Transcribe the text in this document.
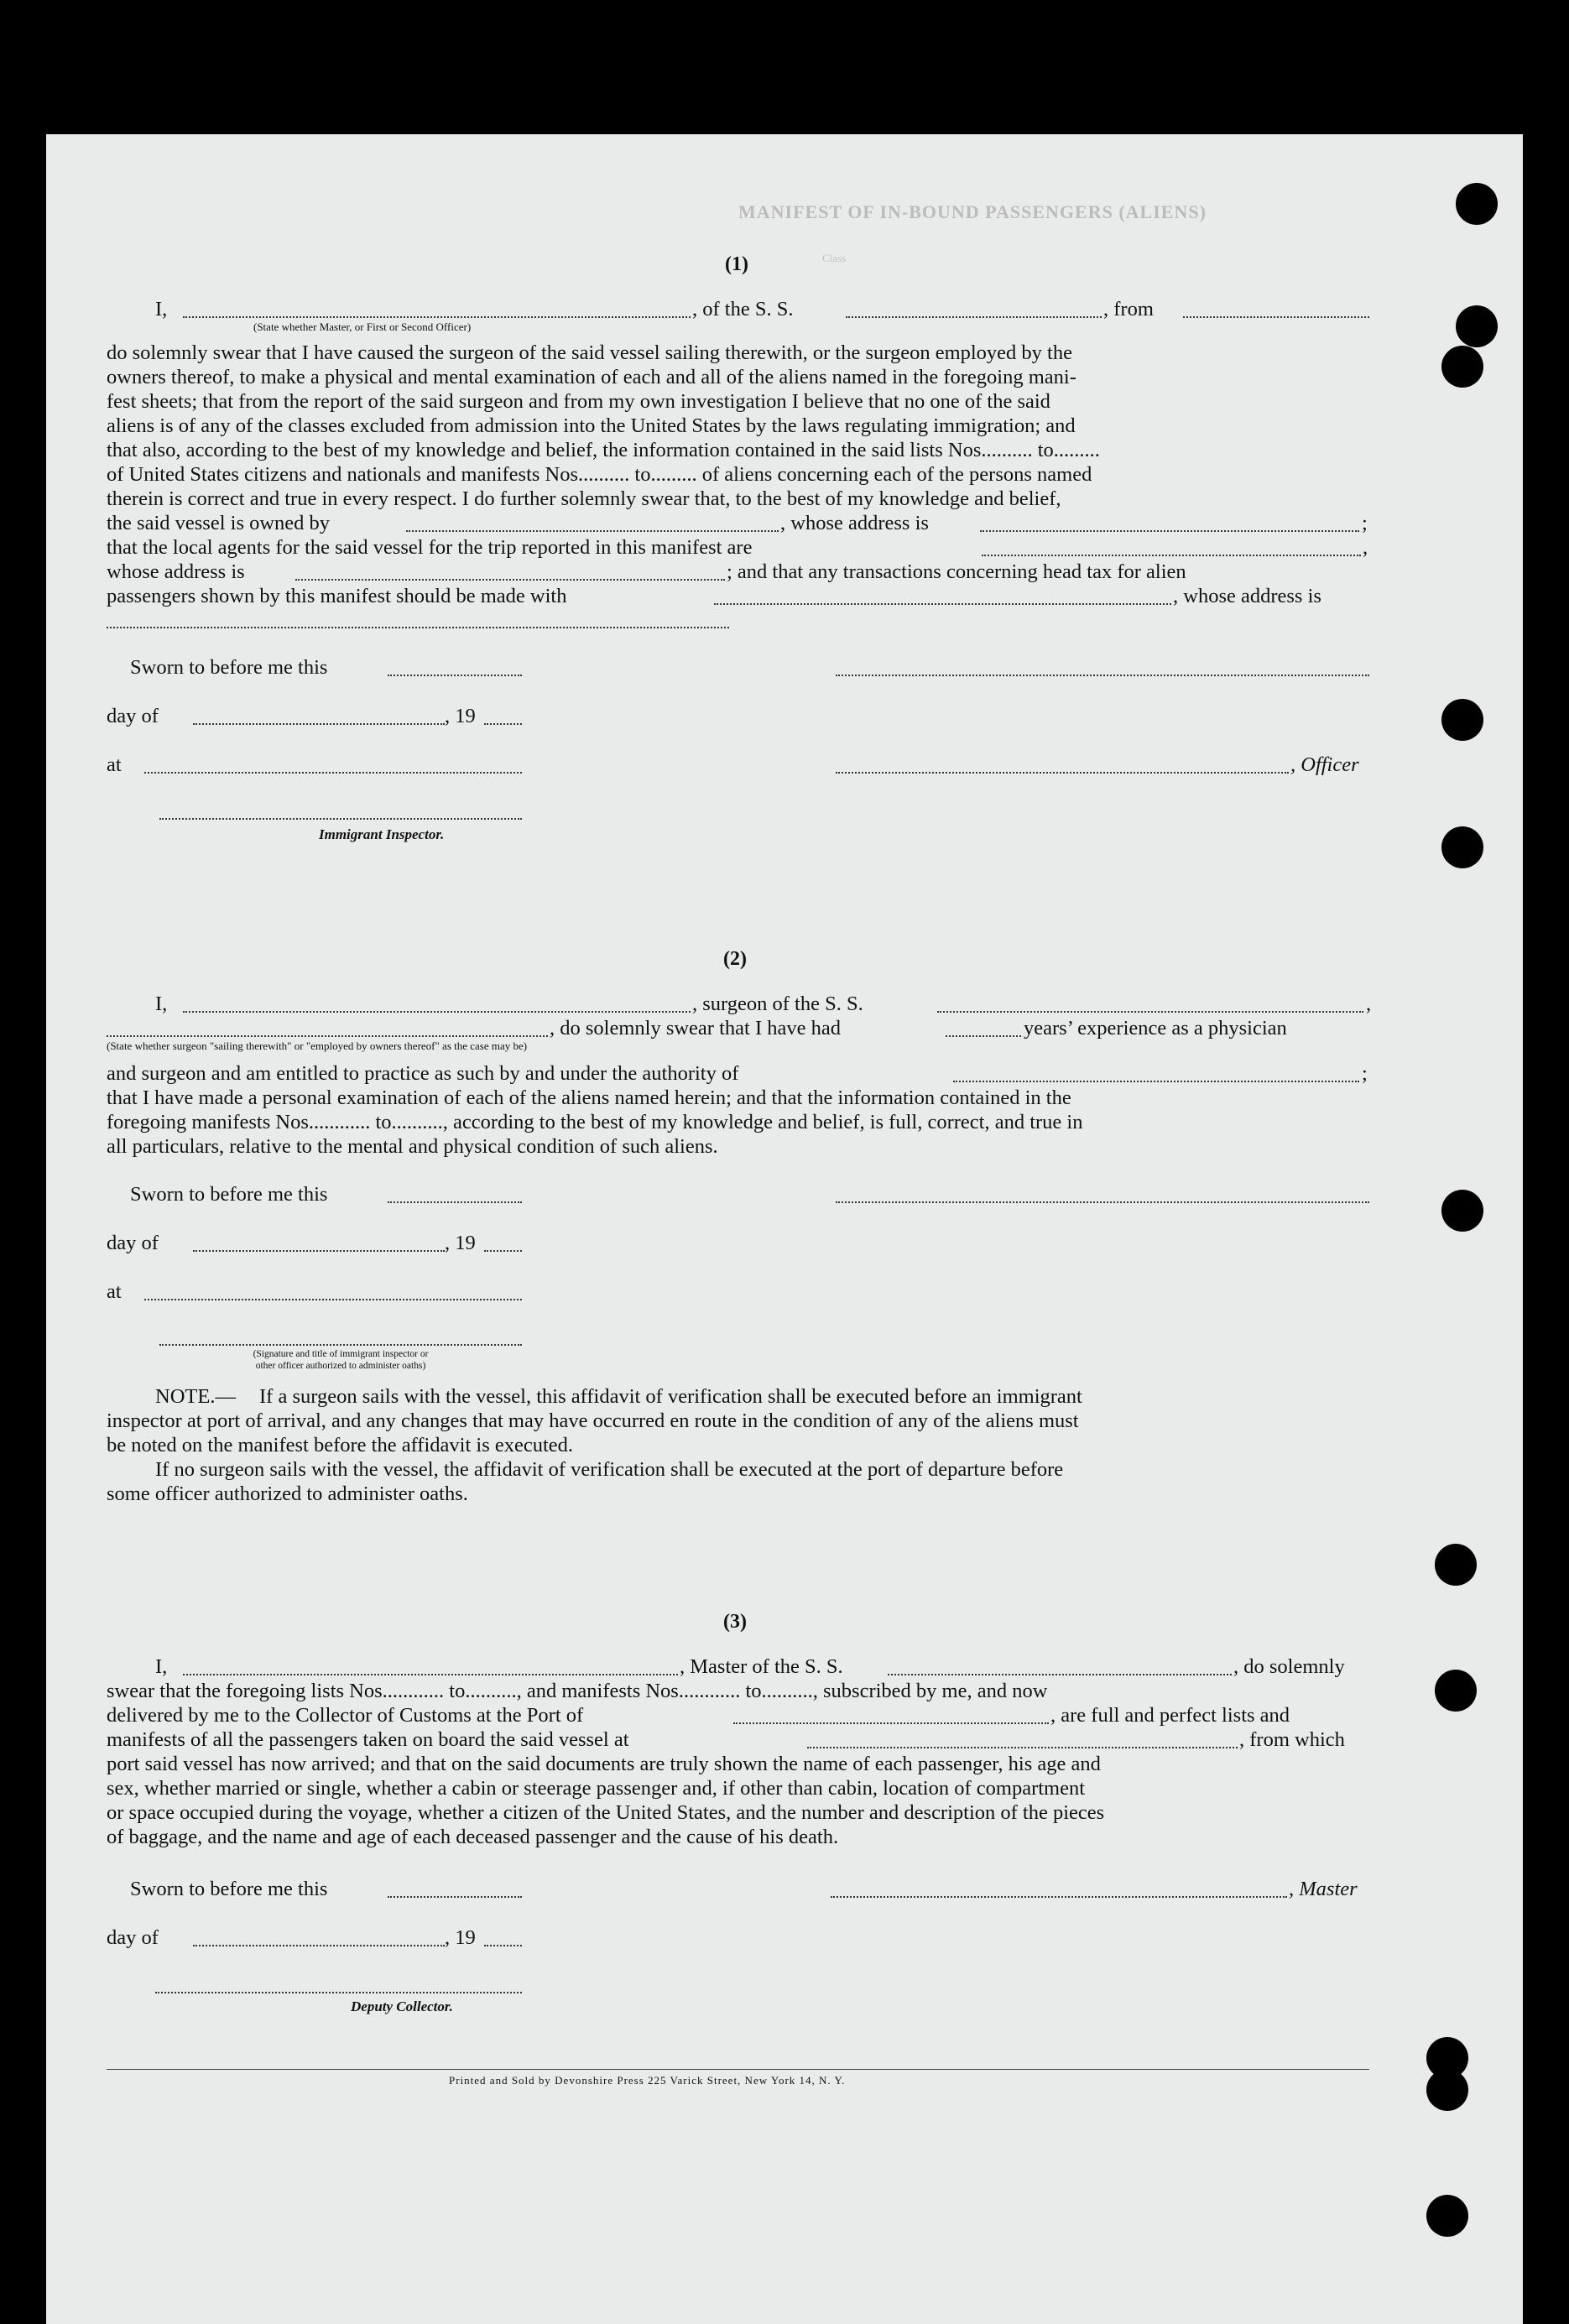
MANIFEST OF IN-BOUND PASSENGERS (ALIENS)
Class
(1)
I,	, of the S. S.	, from
(State whether Master, or First or Second Officer)
do solemnly swear that I have caused the surgeon of the said vessel sailing therewith, or the surgeon employed by the
owners thereof, to make a physical and mental examination of each and all of the aliens named in the foregoing mani-
fest sheets; that from the report of the said surgeon and from my own investigation I believe that no one of the said
aliens is of any of the classes excluded from admission into the United States by the laws regulating immigration; and
that also, according to the best of my knowledge and belief, the information contained in the said lists Nos.......... to.........
of United States citizens and nationals and manifests Nos.......... to......... of aliens concerning each of the persons named
therein is correct and true in every respect. I do further solemnly swear that, to the best of my knowledge and belief,
the said vessel is owned by	, whose address is	;
that the local agents for the said vessel for the trip reported in this manifest are	,
whose address is	; and that any transactions concerning head tax for alien
passengers shown by this manifest should be made with	, whose address is
Sworn to before me this
day of	, 19
at	, Officer
Immigrant Inspector.
(2)
I,	, surgeon of the S. S.	,
, do solemnly swear that I have had	years’ experience as a physician
(State whether surgeon "sailing therewith" or "employed by owners thereof" as the case may be)
and surgeon and am entitled to practice as such by and under the authority of	;
that I have made a personal examination of each of the aliens named herein; and that the information contained in the
foregoing manifests Nos............ to.........., according to the best of my knowledge and belief, is full, correct, and true in
all particulars, relative to the mental and physical condition of such aliens.
Sworn to before me this
day of	, 19
at
(Signature and title of immigrant inspector or
other officer authorized to administer oaths)
NOTE.— If a surgeon sails with the vessel, this affidavit of verification shall be executed before an immigrant
inspector at port of arrival, and any changes that may have occurred en route in the condition of any of the aliens must
be noted on the manifest before the affidavit is executed.
If no surgeon sails with the vessel, the affidavit of verification shall be executed at the port of departure before
some officer authorized to administer oaths.
(3)
I,	, Master of the S. S.	, do solemnly
swear that the foregoing lists Nos............ to.........., and manifests Nos............ to.........., subscribed by me, and now
delivered by me to the Collector of Customs at the Port of	, are full and perfect lists and
manifests of all the passengers taken on board the said vessel at	, from which
port said vessel has now arrived; and that on the said documents are truly shown the name of each passenger, his age and
sex, whether married or single, whether a cabin or steerage passenger and, if other than cabin, location of compartment
or space occupied during the voyage, whether a citizen of the United States, and the number and description of the pieces
of baggage, and the name and age of each deceased passenger and the cause of his death.
Sworn to before me this	, Master
day of	, 19
Deputy Collector.
Printed and Sold by Devonshire Press 225 Varick Street, New York 14, N. Y.
